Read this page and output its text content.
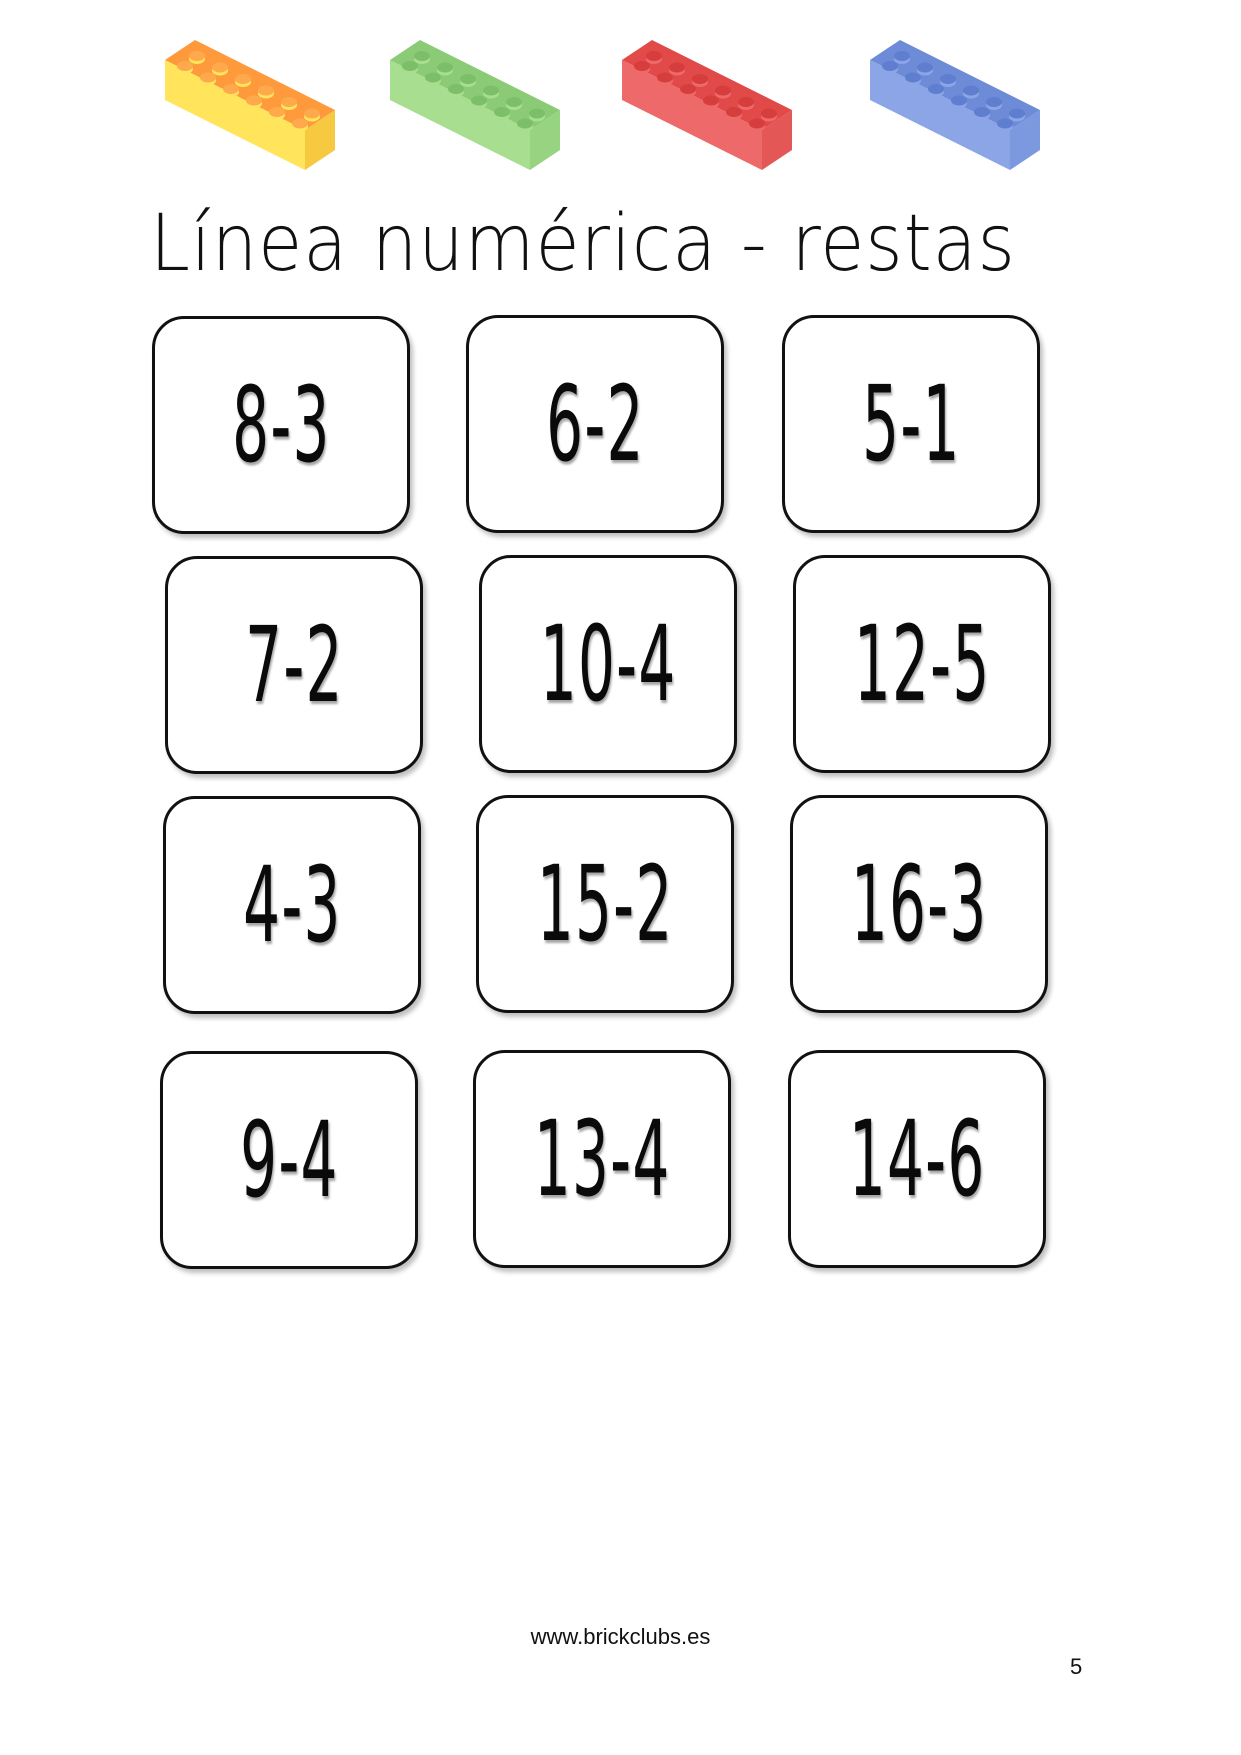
Línea numérica - restas
8-3 6-2 5-1
7-2 10-4 12-5
4-3 15-2 16-3
9-4 13-4 14-6
www.brickclubs.es
5
